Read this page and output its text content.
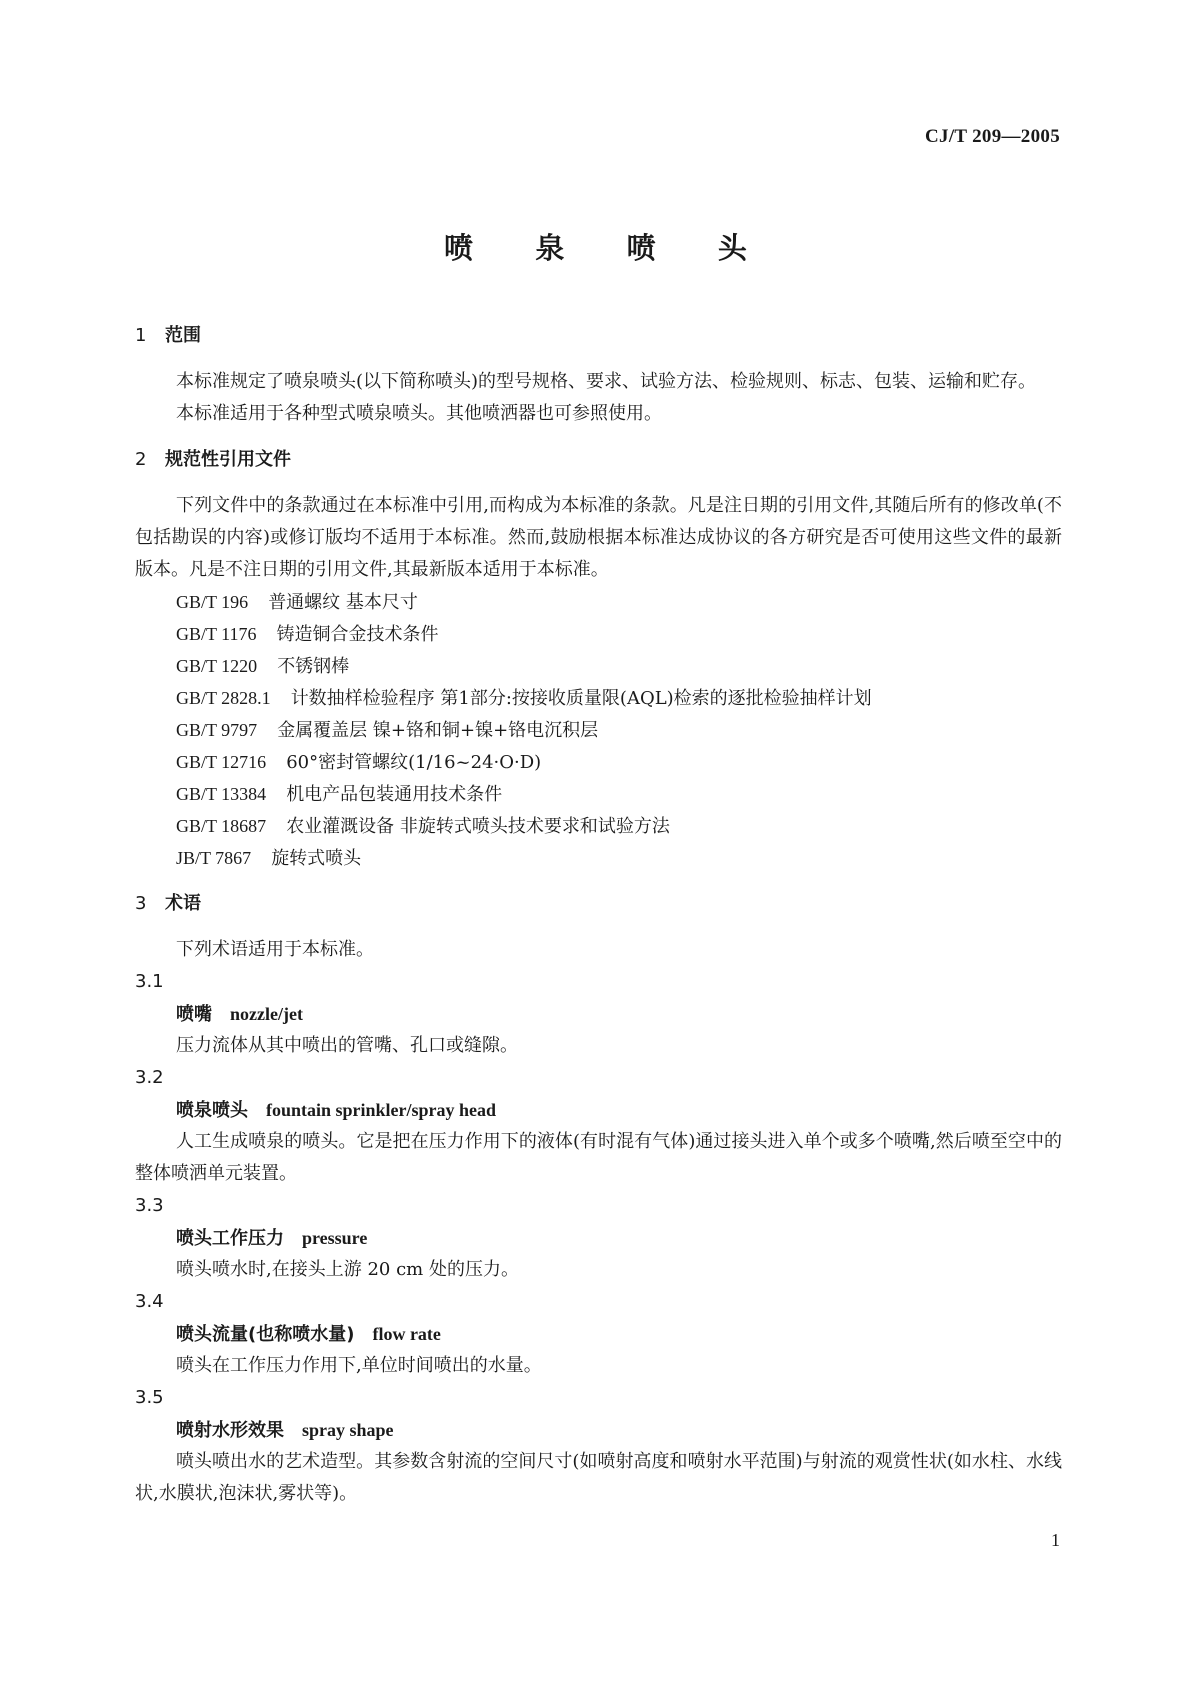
CJ/T 209—2005
喷 泉 喷 头
1 范围

本标准规定了喷泉喷头(以下简称喷头)的型号规格、要求、试验方法、检验规则、标志、包装、运输和贮存。

本标准适用于各种型式喷泉喷头。其他喷洒器也可参照使用。

2 规范性引用文件

下列文件中的条款通过在本标准中引用,而构成为本标准的条款。凡是注日期的引用文件,其随后所有的修改单(不包括勘误的内容)或修订版均不适用于本标准。然而,鼓励根据本标准达成协议的各方研究是否可使用这些文件的最新版本。凡是不注日期的引用文件,其最新版本适用于本标准。

GB/T 196 普通螺纹 基本尺寸
GB/T 1176 铸造铜合金技术条件
GB/T 1220 不锈钢棒
GB/T 2828.1 计数抽样检验程序 第1部分:按接收质量限(AQL)检索的逐批检验抽样计划
GB/T 9797 金属覆盖层 镍+铬和铜+镍+铬电沉积层
GB/T 12716 60°密封管螺纹(1/16~24·O·D)
GB/T 13384 机电产品包装通用技术条件
GB/T 18687 农业灌溉设备 非旋转式喷头技术要求和试验方法
JB/T 7867 旋转式喷头
3 术语

下列术语适用于本标准。

3.1
喷嘴 nozzle/jet

压力流体从其中喷出的管嘴、孔口或缝隙。

3.2
喷泉喷头 fountain sprinkler/spray head

人工生成喷泉的喷头。它是把在压力作用下的液体(有时混有气体)通过接头进入单个或多个喷嘴,然后喷至空中的整体喷洒单元装置。

3.3
喷头工作压力 pressure

喷头喷水时,在接头上游 20 cm 处的压力。

3.4
喷头流量(也称喷水量) flow rate

喷头在工作压力作用下,单位时间喷出的水量。

3.5
喷射水形效果 spray shape

喷头喷出水的艺术造型。其参数含射流的空间尺寸(如喷射高度和喷射水平范围)与射流的观赏性状(如水柱、水线状,水膜状,泡沫状,雾状等)。

1
